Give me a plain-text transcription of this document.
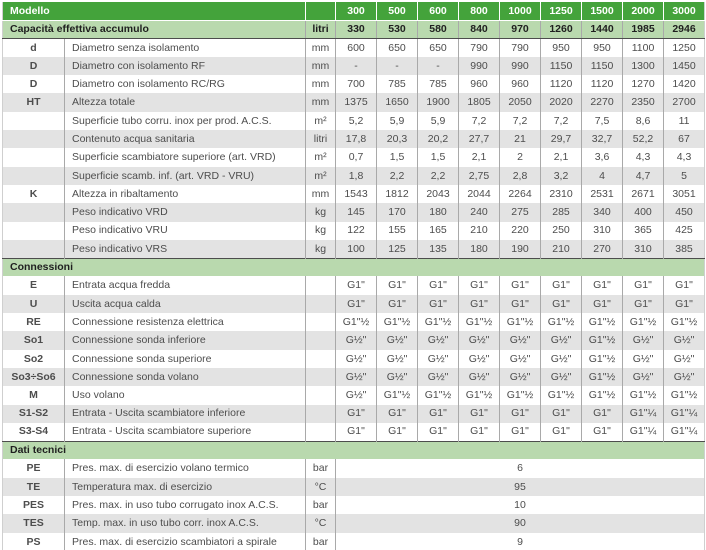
Modello			300	500	600	800	1000	1250	1500	2000	3000
Capacità effettiva accumulo		litri	330	530	580	840	970	1260	1440	1985	2946
d	Diametro senza isolamento	mm	600	650	650	790	790	950	950	1100	1250
D	Diametro con isolamento RF	mm	-	-	-	990	990	1150	1150	1300	1450
D	Diametro con isolamento RC/RG	mm	700	785	785	960	960	1120	1120	1270	1420
HT	Altezza totale	mm	1375	1650	1900	1805	2050	2020	2270	2350	2700
	Superficie tubo corru. inox per prod. A.C.S.	m²	5,2	5,9	5,9	7,2	7,2	7,2	7,5	8,6	11
	Contenuto acqua sanitaria	litri	17,8	20,3	20,2	27,7	21	29,7	32,7	52,2	67
	Superficie scambiatore superiore (art. VRD)	m²	0,7	1,5	1,5	2,1	2	2,1	3,6	4,3	4,3
	Superficie scamb. inf. (art. VRD - VRU)	m²	1,8	2,2	2,2	2,75	2,8	3,2	4	4,7	5
K	Altezza in ribaltamento	mm	1543	1812	2043	2044	2264	2310	2531	2671	3051
	Peso indicativo VRD	kg	145	170	180	240	275	285	340	400	450
	Peso indicativo VRU	kg	122	155	165	210	220	250	310	365	425
	Peso indicativo VRS	kg	100	125	135	180	190	210	270	310	385
Connessioni											
E	Entrata acqua fredda		G1"	G1"	G1"	G1"	G1"	G1"	G1"	G1"	G1"
U	Uscita acqua calda		G1"	G1"	G1"	G1"	G1"	G1"	G1"	G1"	G1"
RE	Connessione resistenza elettrica		G1"½	G1"½	G1"½	G1"½	G1"½	G1"½	G1"½	G1"½	G1"½
So1	Connessione sonda inferiore		G½"	G½"	G½"	G½"	G½"	G½"	G1"½	G½"	G½"
So2	Connessione sonda superiore		G½"	G½"	G½"	G½"	G½"	G½"	G1"½	G½"	G½"
So3÷So6	Connessione sonda volano		G½"	G½"	G½"	G½"	G½"	G½"	G1"½	G½"	G½"
M	Uso volano		G½"	G1"½	G1"½	G1"½	G1"½	G1"½	G1"½	G1"½	G1"½
S1-S2	Entrata - Uscita scambiatore inferiore		G1"	G1"	G1"	G1"	G1"	G1"	G1"	G1"¼	G1"¼
S3-S4	Entrata - Uscita scambiatore superiore		G1"	G1"	G1"	G1"	G1"	G1"	G1"	G1"¼	G1"¼
Dati tecnici											
PE	Pres. max. di esercizio volano termico	bar	6								
TE	Temperatura max. di esercizio	°C	95								
PES	Pres. max. in uso tubo corrugato inox A.C.S.	bar	10								
TES	Temp. max. in uso tubo corr. inox A.C.S.	°C	90								
PS	Pres. max. di esercizio scambiatori a spirale	bar	9								
